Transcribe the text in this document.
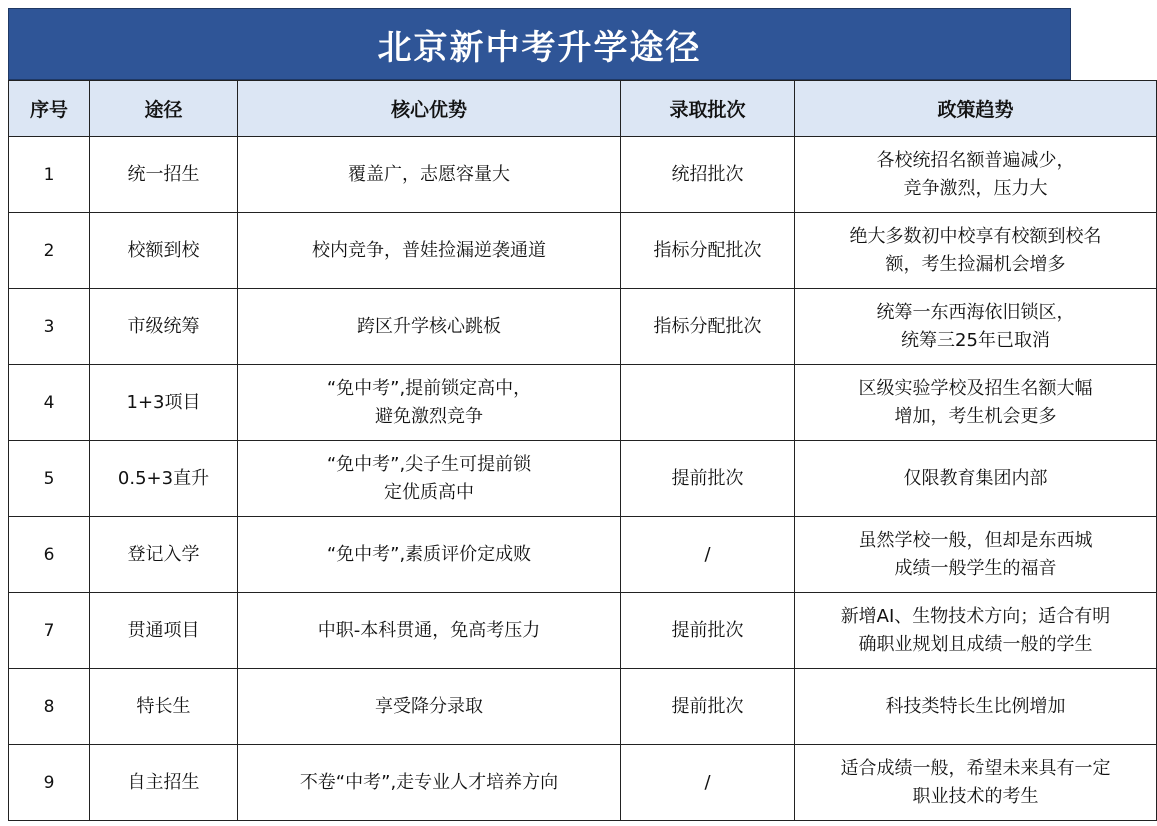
北京新中考升学途径
序号	途径	核心优势	录取批次	政策趋势
1	统一招生	覆盖广，志愿容量大	统招批次	各校统招名额普遍减少，
竞争激烈，压力大

2	校额到校	校内竞争，普娃捡漏逆袭通道	指标分配批次	绝大多数初中校享有校额到校名
额，考生捡漏机会增多

3	市级统筹	跨区升学核心跳板	指标分配批次	统筹一东西海依旧锁区，
统筹三25年已取消

4	1+3项目	“免中考”,提前锁定高中，
避免激烈竞争		区级实验学校及招生名额大幅
增加，考生机会更多

5	0.5+3直升	“免中考”,尖子生可提前锁
定优质高中	提前批次	仅限教育集团内部

6	登记入学	“免中考”,素质评价定成败	/	虽然学校一般，但却是东西城
成绩一般学生的福音

7	贯通项目	中职-本科贯通，免高考压力	提前批次	新增AI、生物技术方向；适合有明
确职业规划且成绩一般的学生

8	特长生	享受降分录取	提前批次	科技类特长生比例增加

9	自主招生	不卷“中考”,走专业人才培养方向	/	适合成绩一般，希望未来具有一定
职业技术的考生
